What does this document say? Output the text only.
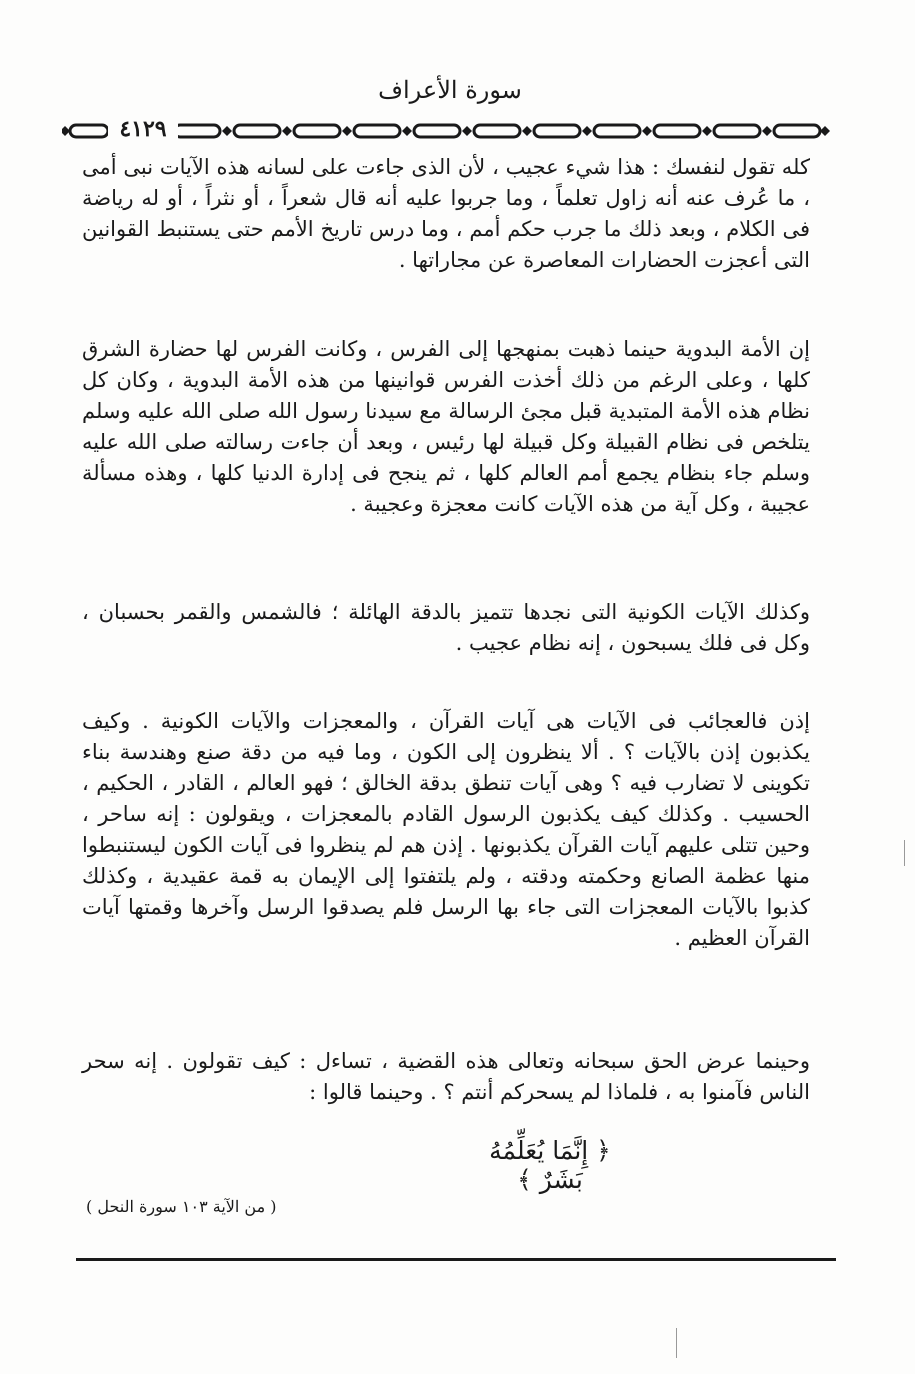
سورة الأعراف
٤١٢٩

كله تقول لنفسك : هذا شيء عجيب ، لأن الذى جاءت على لسانه هذه الآيات نبى أمى ، ما عُرف عنه أنه زاول تعلماً ، وما جربوا عليه أنه قال شعراً ، أو نثراً ، أو له رياضة فى الكلام ، وبعد ذلك ما جرب حكم أمم ، وما درس تاريخ الأمم حتى يستنبط القوانين التى أعجزت الحضارات المعاصرة عن مجاراتها .

إن الأمة البدوية حينما ذهبت بمنهجها إلى الفرس ، وكانت الفرس لها حضارة الشرق كلها ، وعلى الرغم من ذلك أخذت الفرس قوانينها من هذه الأمة البدوية ، وكان كل نظام هذه الأمة المتبدية قبل مجئ الرسالة مع سيدنا رسول الله صلى الله عليه وسلم يتلخص فى نظام القبيلة وكل قبيلة لها رئيس ، وبعد أن جاءت رسالته صلى الله عليه وسلم جاء بنظام يجمع أمم العالم كلها ، ثم ينجح فى إدارة الدنيا كلها ، وهذه مسألة عجيبة ، وكل آية من هذه الآيات كانت معجزة وعجيبة .

وكذلك الآيات الكونية التى نجدها تتميز بالدقة الهائلة ؛ فالشمس والقمر بحسبان ، وكل فى فلك يسبحون ، إنه نظام عجيب .

إذن فالعجائب فى الآيات هى آيات القرآن ، والمعجزات والآيات الكونية . وكيف يكذبون إذن بالآيات ؟ . ألا ينظرون إلى الكون ، وما فيه من دقة صنع وهندسة بناء تكوينى لا تضارب فيه ؟ وهى آيات تنطق بدقة الخالق ؛ فهو العالم ، القادر ، الحكيم ، الحسيب . وكذلك كيف يكذبون الرسول القادم بالمعجزات ، ويقولون : إنه ساحر ، وحين تتلى عليهم آيات القرآن يكذبونها . إذن هم لم ينظروا فى آيات الكون ليستنبطوا منها عظمة الصانع وحكمته ودقته ، ولم يلتفتوا إلى الإيمان به قمة عقيدية ، وكذلك كذبوا بالآيات المعجزات التى جاء بها الرسل فلم يصدقوا الرسل وآخرها وقمتها آيات القرآن العظيم .

وحينما عرض الحق سبحانه وتعالى هذه القضية ، تساءل : كيف تقولون . إنه سحر الناس فآمنوا به ، فلماذا لم يسحركم أنتم ؟ . وحينما قالوا :

﴿ إِنَّمَا يُعَلِّمُهُ بَشَرٌ ﴾
( من الآية ١٠٣ سورة النحل )
